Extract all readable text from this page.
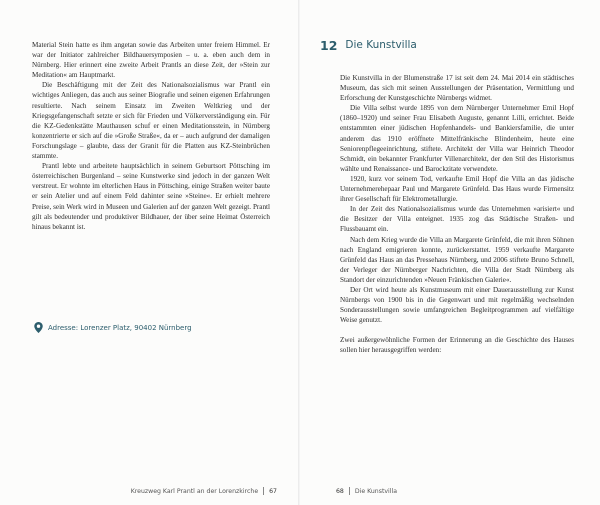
Material Stein hatte es ihm angetan sowie das Arbeiten unter freiem Himmel. Er war der Initiator zahlreicher Bildhauersymposien – u. a. eben auch dem in Nürnberg. Hier erinnert eine zweite Arbeit Prantls an diese Zeit, der »Stein zur Meditation« am Hauptmarkt.

Die Beschäftigung mit der Zeit des Nationalsozialismus war Prantl ein wichtiges Anliegen, das auch aus seiner Biografie und seinen eigenen Erfahrungen resultierte. Nach seinem Einsatz im Zweiten Weltkrieg und der Kriegsgefangenschaft setzte er sich für Frieden und Völkerverständigung ein. Für die KZ-Gedenkstätte Mauthausen schuf er einen Meditationsstein, in Nürnberg konzentrierte er sich auf die »Große Straße«, da er – auch aufgrund der damaligen Forschungslage – glaubte, dass der Granit für die Platten aus KZ-Steinbrüchen stammte.

Prantl lebte und arbeitete hauptsächlich in seinem Geburtsort Pöttsching im österreichischen Burgenland – seine Kunstwerke sind jedoch in der ganzen Welt verstreut. Er wohnte im elterlichen Haus in Pöttsching, einige Straßen weiter baute er sein Atelier und auf einem Feld dahinter seine »Steine«. Er erhielt mehrere Preise, sein Werk wird in Museen und Galerien auf der ganzen Welt gezeigt. Prantl gilt als bedeutender und produktiver Bildhauer, der über seine Heimat Österreich hinaus bekannt ist.

Adresse: Lorenzer Platz, 90402 Nürnberg
Kreuzweg Karl Prantl an der Lorenzkirche 67
12 Die Kunstvilla

Die Kunstvilla in der Blumenstraße 17 ist seit dem 24. Mai 2014 ein städtisches Museum, das sich mit seinen Ausstellungen der Präsentation, Vermittlung und Erforschung der Kunstgeschichte Nürnbergs widmet.

Die Villa selbst wurde 1895 von dem Nürnberger Unternehmer Emil Hopf (1860–1920) und seiner Frau Elisabeth Auguste, genannt Lilli, errichtet. Beide entstammten einer jüdischen Hopfenhandels- und Bankiersfamilie, die unter anderem das 1910 eröffnete Mittelfränkische Blindenheim, heute eine Seniorenpflegeeinrichtung, stiftete. Architekt der Villa war Heinrich Theodor Schmidt, ein bekannter Frankfurter Villenarchitekt, der den Stil des Historismus wählte und Renaissance- und Barockzitate verwendete.

1920, kurz vor seinem Tod, verkaufte Emil Hopf die Villa an das jüdische Unternehmerehepaar Paul und Margarete Grünfeld. Das Haus wurde Firmensitz ihrer Gesellschaft für Elektrometallurgie.

In der Zeit des Nationalsozialismus wurde das Unternehmen »arisiert« und die Besitzer der Villa enteignet. 1935 zog das Städtische Straßen- und Flussbauamt ein.

Nach dem Krieg wurde die Villa an Margarete Grünfeld, die mit ihren Söhnen nach England emigrieren konnte, zurückerstattet. 1959 verkaufte Margarete Grünfeld das Haus an das Pressehaus Nürnberg, und 2006 stiftete Bruno Schnell, der Verleger der Nürnberger Nachrichten, die Villa der Stadt Nürnberg als Standort der einzurichtenden »Neuen Fränkischen Galerie«.

Der Ort wird heute als Kunstmuseum mit einer Dauerausstellung zur Kunst Nürnbergs von 1900 bis in die Gegenwart und mit regelmäßig wechselnden Sonderausstellungen sowie umfangreichen Begleitprogrammen auf vielfältige Weise genutzt.

Zwei außergewöhnliche Formen der Erinnerung an die Geschichte des Hauses sollen hier herausgegriffen werden:

68 Die Kunstvilla
